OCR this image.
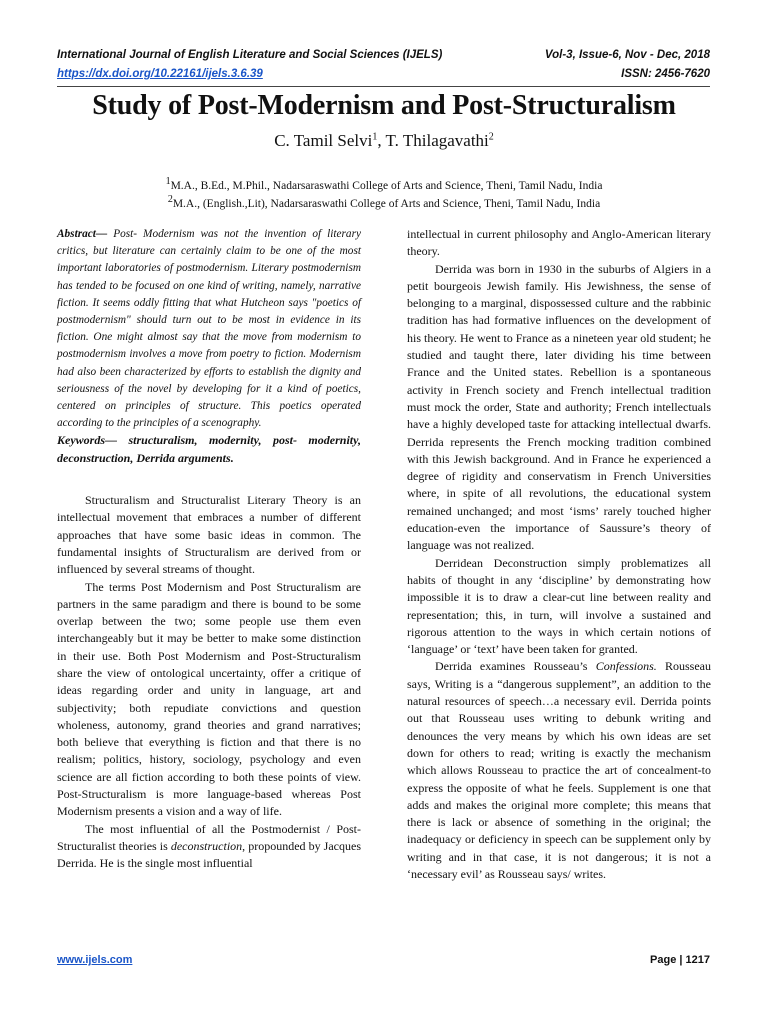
International Journal of English Literature and Social Sciences (IJELS)	Vol-3, Issue-6, Nov - Dec, 2018
https://dx.doi.org/10.22161/ijels.3.6.39	ISSN: 2456-7620
Study of Post-Modernism and Post-Structuralism
C. Tamil Selvi$^1$, T. Thilagavathi$^2$
$^1$M.A., B.Ed., M.Phil., Nadarsaraswathi College of Arts and Science, Theni, Tamil Nadu, India
$^2$M.A., (English.,Lit), Nadarsaraswathi College of Arts and Science, Theni, Tamil Nadu, India

Abstract— Post- Modernism was not the invention of literary critics, but literature can certainly claim to be one of the most important laboratories of postmodernism. Literary postmodernism has tended to be focused on one kind of writing, namely, narrative fiction. It seems oddly fitting that what Hutcheon says "poetics of postmodernism" should turn out to be most in evidence in its fiction. One might almost say that the move from modernism to postmodernism involves a move from poetry to fiction. Modernism had also been characterized by efforts to establish the dignity and seriousness of the novel by developing for it a kind of poetics, centered on principles of structure. This poetics operated according to the principles of a scenography.

Keywords— structuralism, modernity, post- modernity, deconstruction, Derrida arguments.

Structuralism and Structuralist Literary Theory is an intellectual movement that embraces a number of different approaches that have some basic ideas in common. The fundamental insights of Structuralism are derived from or influenced by several streams of thought.

The terms Post Modernism and Post Structuralism are partners in the same paradigm and there is bound to be some overlap between the two; some people use them even interchangeably but it may be better to make some distinction in their use. Both Post Modernism and Post-Structuralism share the view of ontological uncertainty, offer a critique of ideas regarding order and unity in language, art and subjectivity; both repudiate convictions and question wholeness, autonomy, grand theories and grand narratives; both believe that everything is fiction and that there is no realism; politics, history, sociology, psychology and even science are all fiction according to both these points of view. Post-Structuralism is more language-based whereas Post Modernism presents a vision and a way of life.

The most influential of all the Postmodernist / Post-Structuralist theories is deconstruction, propounded by Jacques Derrida. He is the single most influential

intellectual in current philosophy and Anglo-American literary theory.

Derrida was born in 1930 in the suburbs of Algiers in a petit bourgeois Jewish family. His Jewishness, the sense of belonging to a marginal, dispossessed culture and the rabbinic tradition has had formative influences on the development of his theory. He went to France as a nineteen year old student; he studied and taught there, later dividing his time between France and the United states. Rebellion is a spontaneous activity in French society and French intellectual tradition must mock the order, State and authority; French intellectuals have a highly developed taste for attacking intellectual dwarfs. Derrida represents the French mocking tradition combined with this Jewish background. And in France he experienced a degree of rigidity and conservatism in French Universities where, in spite of all revolutions, the educational system remained unchanged; and most ‘isms’ rarely touched higher education-even the importance of Saussure’s theory of language was not realized.

Derridean Deconstruction simply problematizes all habits of thought in any ‘discipline’ by demonstrating how impossible it is to draw a clear-cut line between reality and representation; this, in turn, will involve a sustained and rigorous attention to the ways in which certain notions of ‘language’ or ‘text’ have been taken for granted.

Derrida examines Rousseau’s Confessions. Rousseau says, Writing is a “dangerous supplement”, an addition to the natural resources of speech…a necessary evil. Derrida points out that Rousseau uses writing to debunk writing and denounces the very means by which his own ideas are set down for others to read; writing is exactly the mechanism which allows Rousseau to practice the art of concealment-to express the opposite of what he feels. Supplement is one that adds and makes the original more complete; this means that there is lack or absence of something in the original; the inadequacy or deficiency in speech can be supplement only by writing and in that case, it is not dangerous; it is not a ‘necessary evil’ as Rousseau says/ writes.

www.ijels.com	Page | 1217
